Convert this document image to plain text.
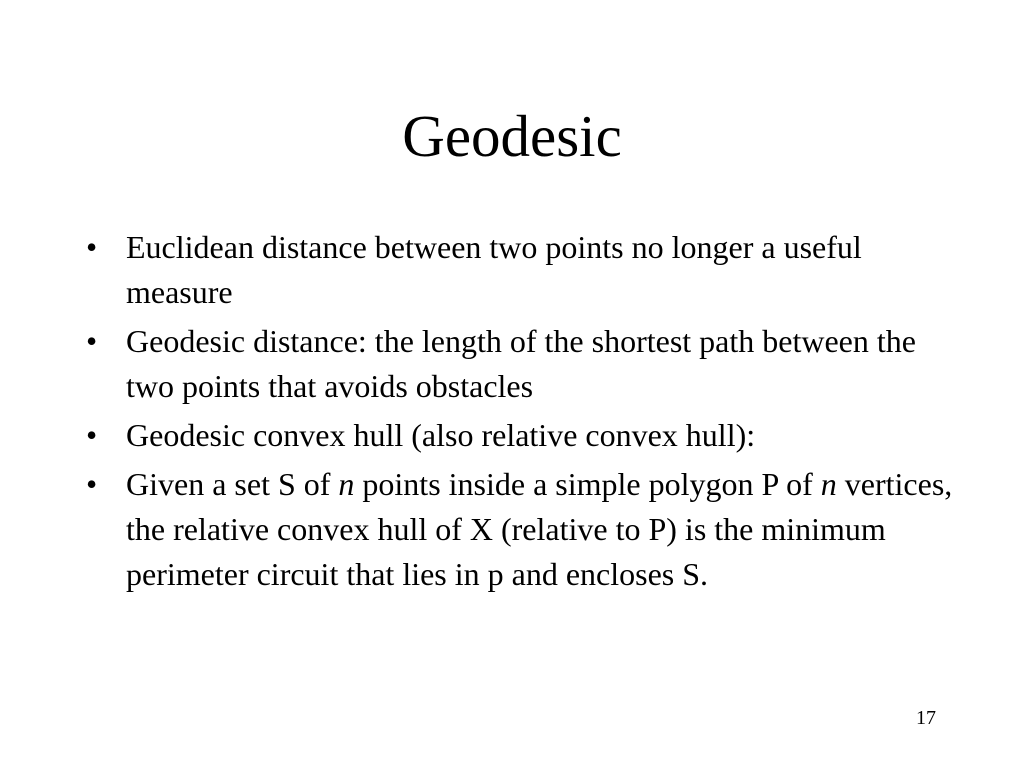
Geodesic
• Euclidean distance between two points no longer a useful measure
• Geodesic distance: the length of the shortest path between the two points that avoids obstacles
• Geodesic convex hull (also relative convex hull):
• Given a set S of n points inside a simple polygon P of n vertices, the relative convex hull of X (relative to P) is the minimum perimeter circuit that lies in p and encloses S.
17
